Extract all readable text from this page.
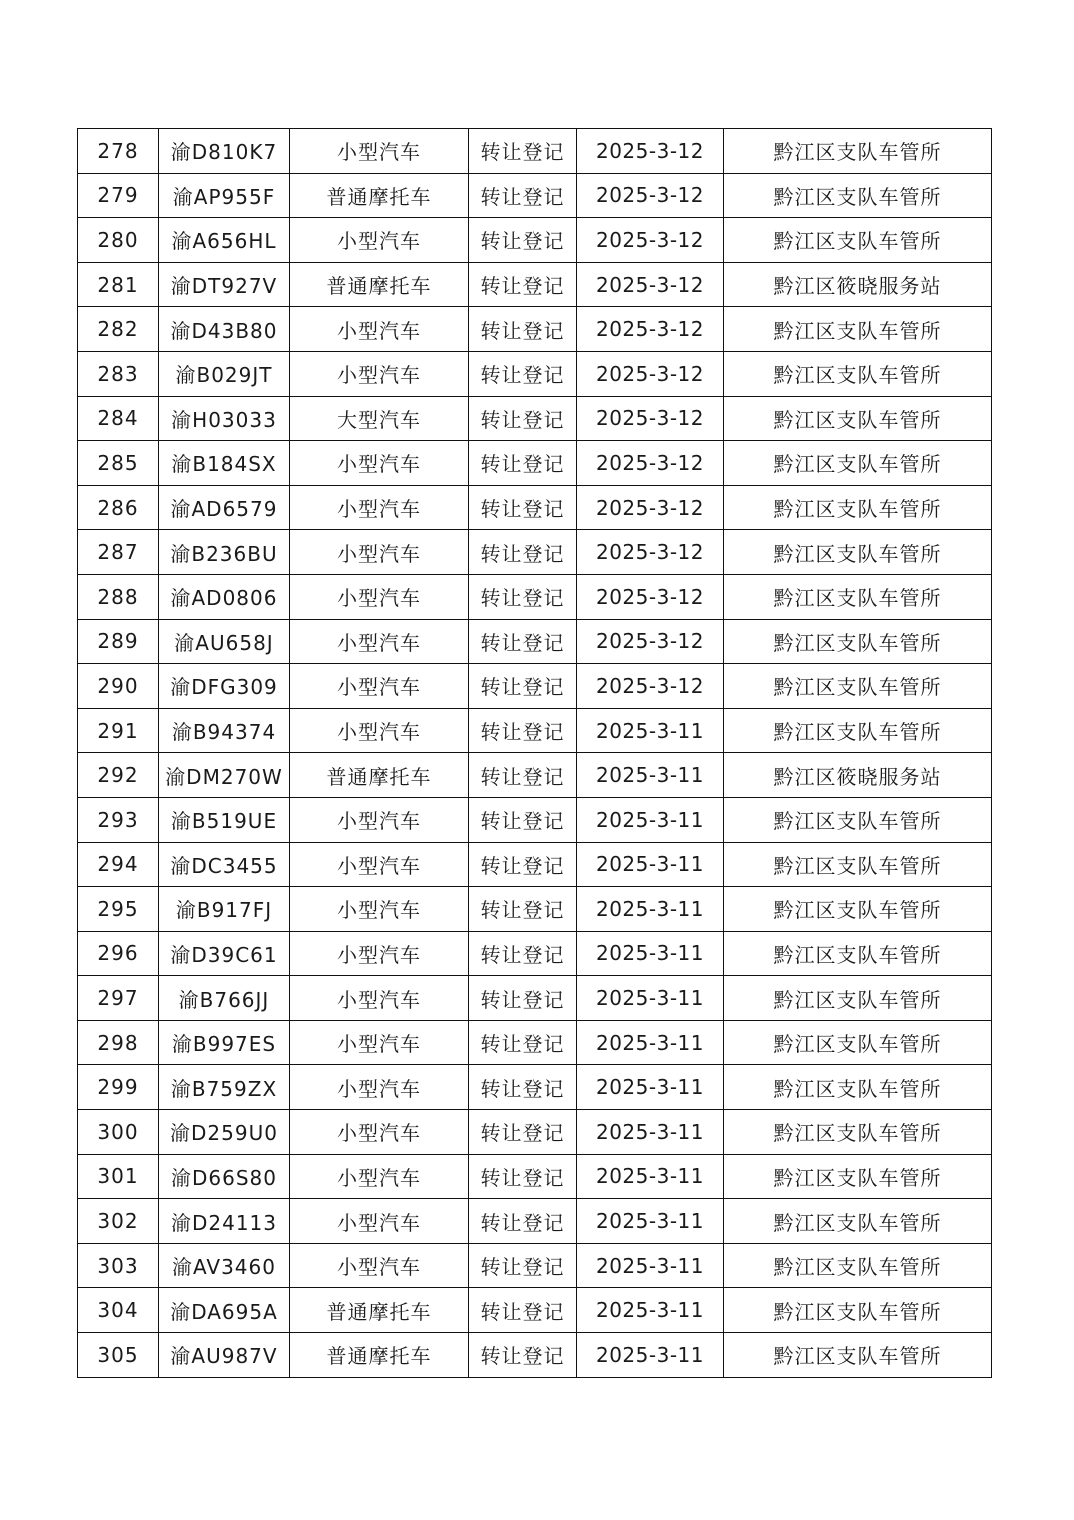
278	渝D810K7	小型汽车	转让登记	2025-3-12	黔江区支队车管所
279	渝AP955F	普通摩托车	转让登记	2025-3-12	黔江区支队车管所
280	渝A656HL	小型汽车	转让登记	2025-3-12	黔江区支队车管所
281	渝DT927V	普通摩托车	转让登记	2025-3-12	黔江区筱晓服务站
282	渝D43B80	小型汽车	转让登记	2025-3-12	黔江区支队车管所
283	渝B029JT	小型汽车	转让登记	2025-3-12	黔江区支队车管所
284	渝H03033	大型汽车	转让登记	2025-3-12	黔江区支队车管所
285	渝B184SX	小型汽车	转让登记	2025-3-12	黔江区支队车管所
286	渝AD6579	小型汽车	转让登记	2025-3-12	黔江区支队车管所
287	渝B236BU	小型汽车	转让登记	2025-3-12	黔江区支队车管所
288	渝AD0806	小型汽车	转让登记	2025-3-12	黔江区支队车管所
289	渝AU658J	小型汽车	转让登记	2025-3-12	黔江区支队车管所
290	渝DFG309	小型汽车	转让登记	2025-3-12	黔江区支队车管所
291	渝B94374	小型汽车	转让登记	2025-3-11	黔江区支队车管所
292	渝DM270W	普通摩托车	转让登记	2025-3-11	黔江区筱晓服务站
293	渝B519UE	小型汽车	转让登记	2025-3-11	黔江区支队车管所
294	渝DC3455	小型汽车	转让登记	2025-3-11	黔江区支队车管所
295	渝B917FJ	小型汽车	转让登记	2025-3-11	黔江区支队车管所
296	渝D39C61	小型汽车	转让登记	2025-3-11	黔江区支队车管所
297	渝B766JJ	小型汽车	转让登记	2025-3-11	黔江区支队车管所
298	渝B997ES	小型汽车	转让登记	2025-3-11	黔江区支队车管所
299	渝B759ZX	小型汽车	转让登记	2025-3-11	黔江区支队车管所
300	渝D259U0	小型汽车	转让登记	2025-3-11	黔江区支队车管所
301	渝D66S80	小型汽车	转让登记	2025-3-11	黔江区支队车管所
302	渝D24113	小型汽车	转让登记	2025-3-11	黔江区支队车管所
303	渝AV3460	小型汽车	转让登记	2025-3-11	黔江区支队车管所
304	渝DA695A	普通摩托车	转让登记	2025-3-11	黔江区支队车管所
305	渝AU987V	普通摩托车	转让登记	2025-3-11	黔江区支队车管所
